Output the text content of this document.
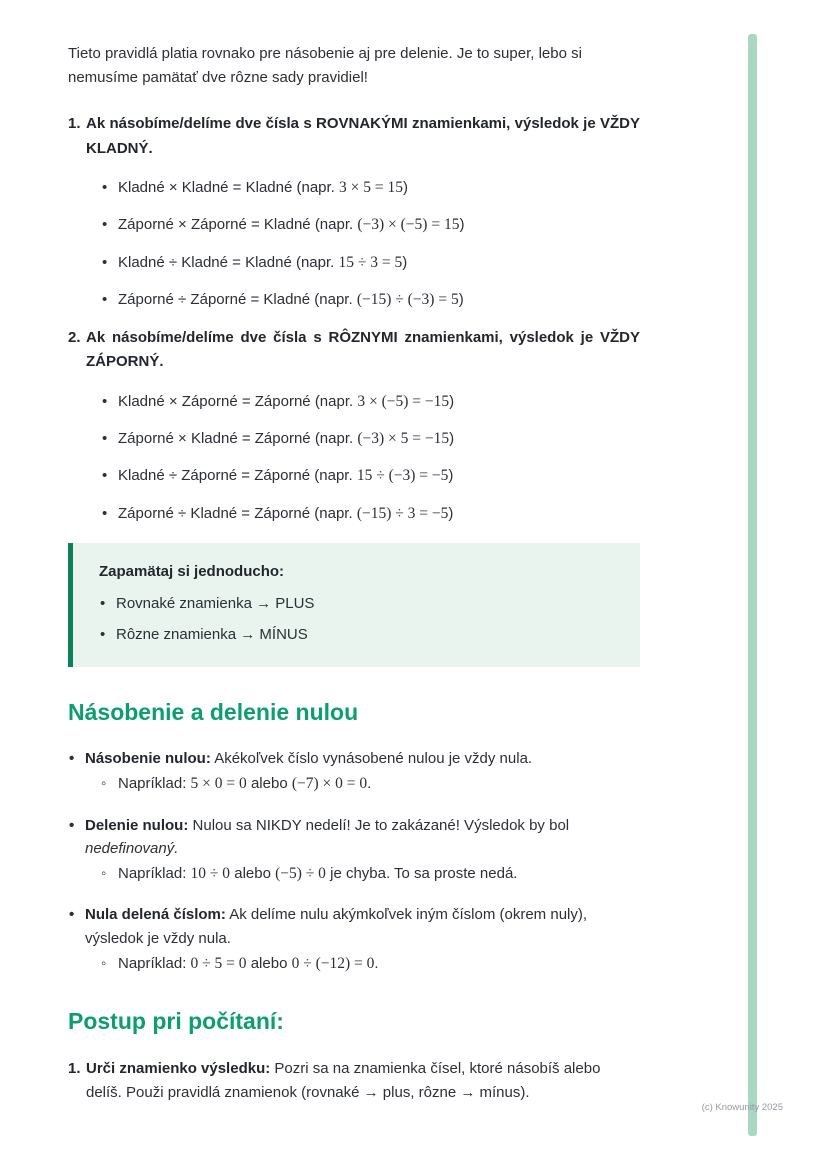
Tieto pravidlá platia rovnako pre násobenie aj pre delenie. Je to super, lebo si nemusíme pamätať dve rôzne sady pravidiel!

1. Ak násobíme/delíme dve čísla s ROVNAKÝMI znamienkami, výsledok je VŽDY KLADNÝ.
• Kladné × Kladné = Kladné (napr. 3 × 5 = 15)
• Záporné × Záporné = Kladné (napr. (−3) × (−5) = 15)
• Kladné ÷ Kladné = Kladné (napr. 15 ÷ 3 = 5)
• Záporné ÷ Záporné = Kladné (napr. (−15) ÷ (−3) = 5)
2. Ak násobíme/delíme dve čísla s RÔZNYMI znamienkami, výsledok je VŽDY ZÁPORNÝ.
• Kladné × Záporné = Záporné (napr. 3 × (−5) = −15)
• Záporné × Kladné = Záporné (napr. (−3) × 5 = −15)
• Kladné ÷ Záporné = Záporné (napr. 15 ÷ (−3) = −5)
• Záporné ÷ Kladné = Záporné (napr. (−15) ÷ 3 = −5)
Zapamätaj si jednoducho:
• Rovnaké znamienka → PLUS
• Rôzne znamienka → MÍNUS
Násobenie a delenie nulou
• Násobenie nulou: Akékoľvek číslo vynásobené nulou je vždy nula.
◦ Napríklad: 5 × 0 = 0 alebo (−7) × 0 = 0.
• Delenie nulou: Nulou sa NIKDY nedelí! Je to zakázané! Výsledok by bol nedefinovaný.
◦ Napríklad: 10 ÷ 0 alebo (−5) ÷ 0 je chyba. To sa proste nedá.
• Nula delená číslom: Ak delíme nulu akýmkoľvek iným číslom (okrem nuly), výsledok je vždy nula.
◦ Napríklad: 0 ÷ 5 = 0 alebo 0 ÷ (−12) = 0.
Postup pri počítaní:
1. Urči znamienko výsledku: Pozri sa na znamienka čísel, ktoré násobíš alebo delíš. Použi pravidlá znamienok (rovnaké → plus, rôzne → mínus).
(c) Knowunity 2025
